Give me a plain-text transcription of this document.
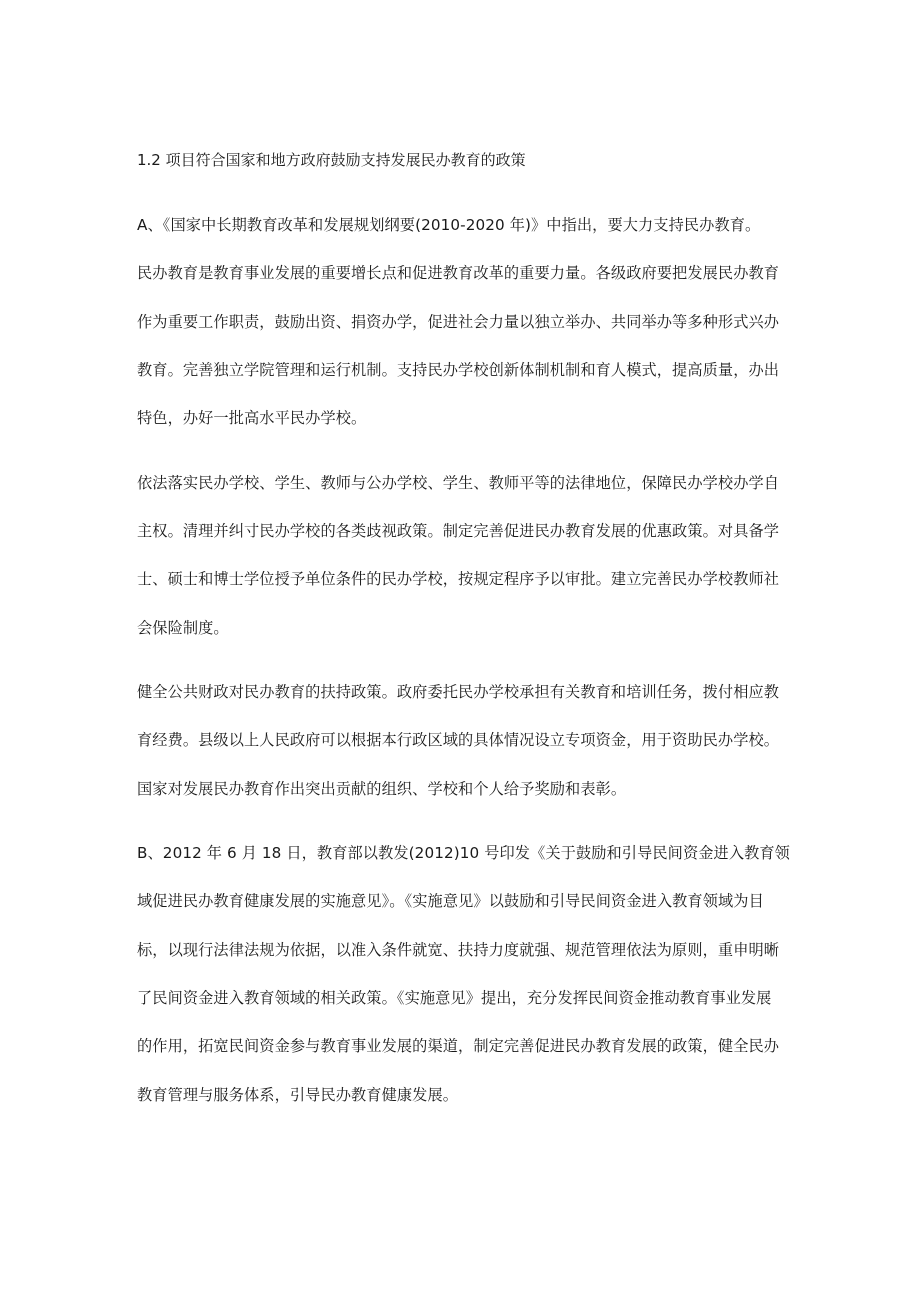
1.2 项目符合国家和地方政府鼓励支持发展民办教育的政策
A、《国家中长期教育改革和发展规划纲要(2010-2020 年)》中指出，要大力支持民办教育。
民办教育是教育事业发展的重要增长点和促进教育改革的重要力量。各级政府要把发展民办教育
作为重要工作职责，鼓励出资、捐资办学，促进社会力量以独立举办、共同举办等多种形式兴办
教育。完善独立学院管理和运行机制。支持民办学校创新体制机制和育人模式，提高质量，办出
特色，办好一批高水平民办学校。
依法落实民办学校、学生、教师与公办学校、学生、教师平等的法律地位，保障民办学校办学自
主权。清理并纠寸民办学校的各类歧视政策。制定完善促进民办教育发展的优惠政策。对具备学
士、硕士和博士学位授予单位条件的民办学校，按规定程序予以审批。建立完善民办学校教师社
会保险制度。
健全公共财政对民办教育的扶持政策。政府委托民办学校承担有关教育和培训任务，拨付相应教
育经费。县级以上人民政府可以根据本行政区域的具体情况设立专项资金，用于资助民办学校。
国家对发展民办教育作出突出贡献的组织、学校和个人给予奖励和表彰。
B、2012 年 6 月 18 日，教育部以教发(2012)10 号印发《关于鼓励和引导民间资金进入教育领
域促进民办教育健康发展的实施意见》。《实施意见》以鼓励和引导民间资金进入教育领域为目
标，以现行法律法规为依据，以准入条件就宽、扶持力度就强、规范管理依法为原则，重申明晰
了民间资金进入教育领域的相关政策。《实施意见》提出，充分发挥民间资金推动教育事业发展
的作用，拓宽民间资金参与教育事业发展的渠道，制定完善促进民办教育发展的政策，健全民办
教育管理与服务体系，引导民办教育健康发展。
